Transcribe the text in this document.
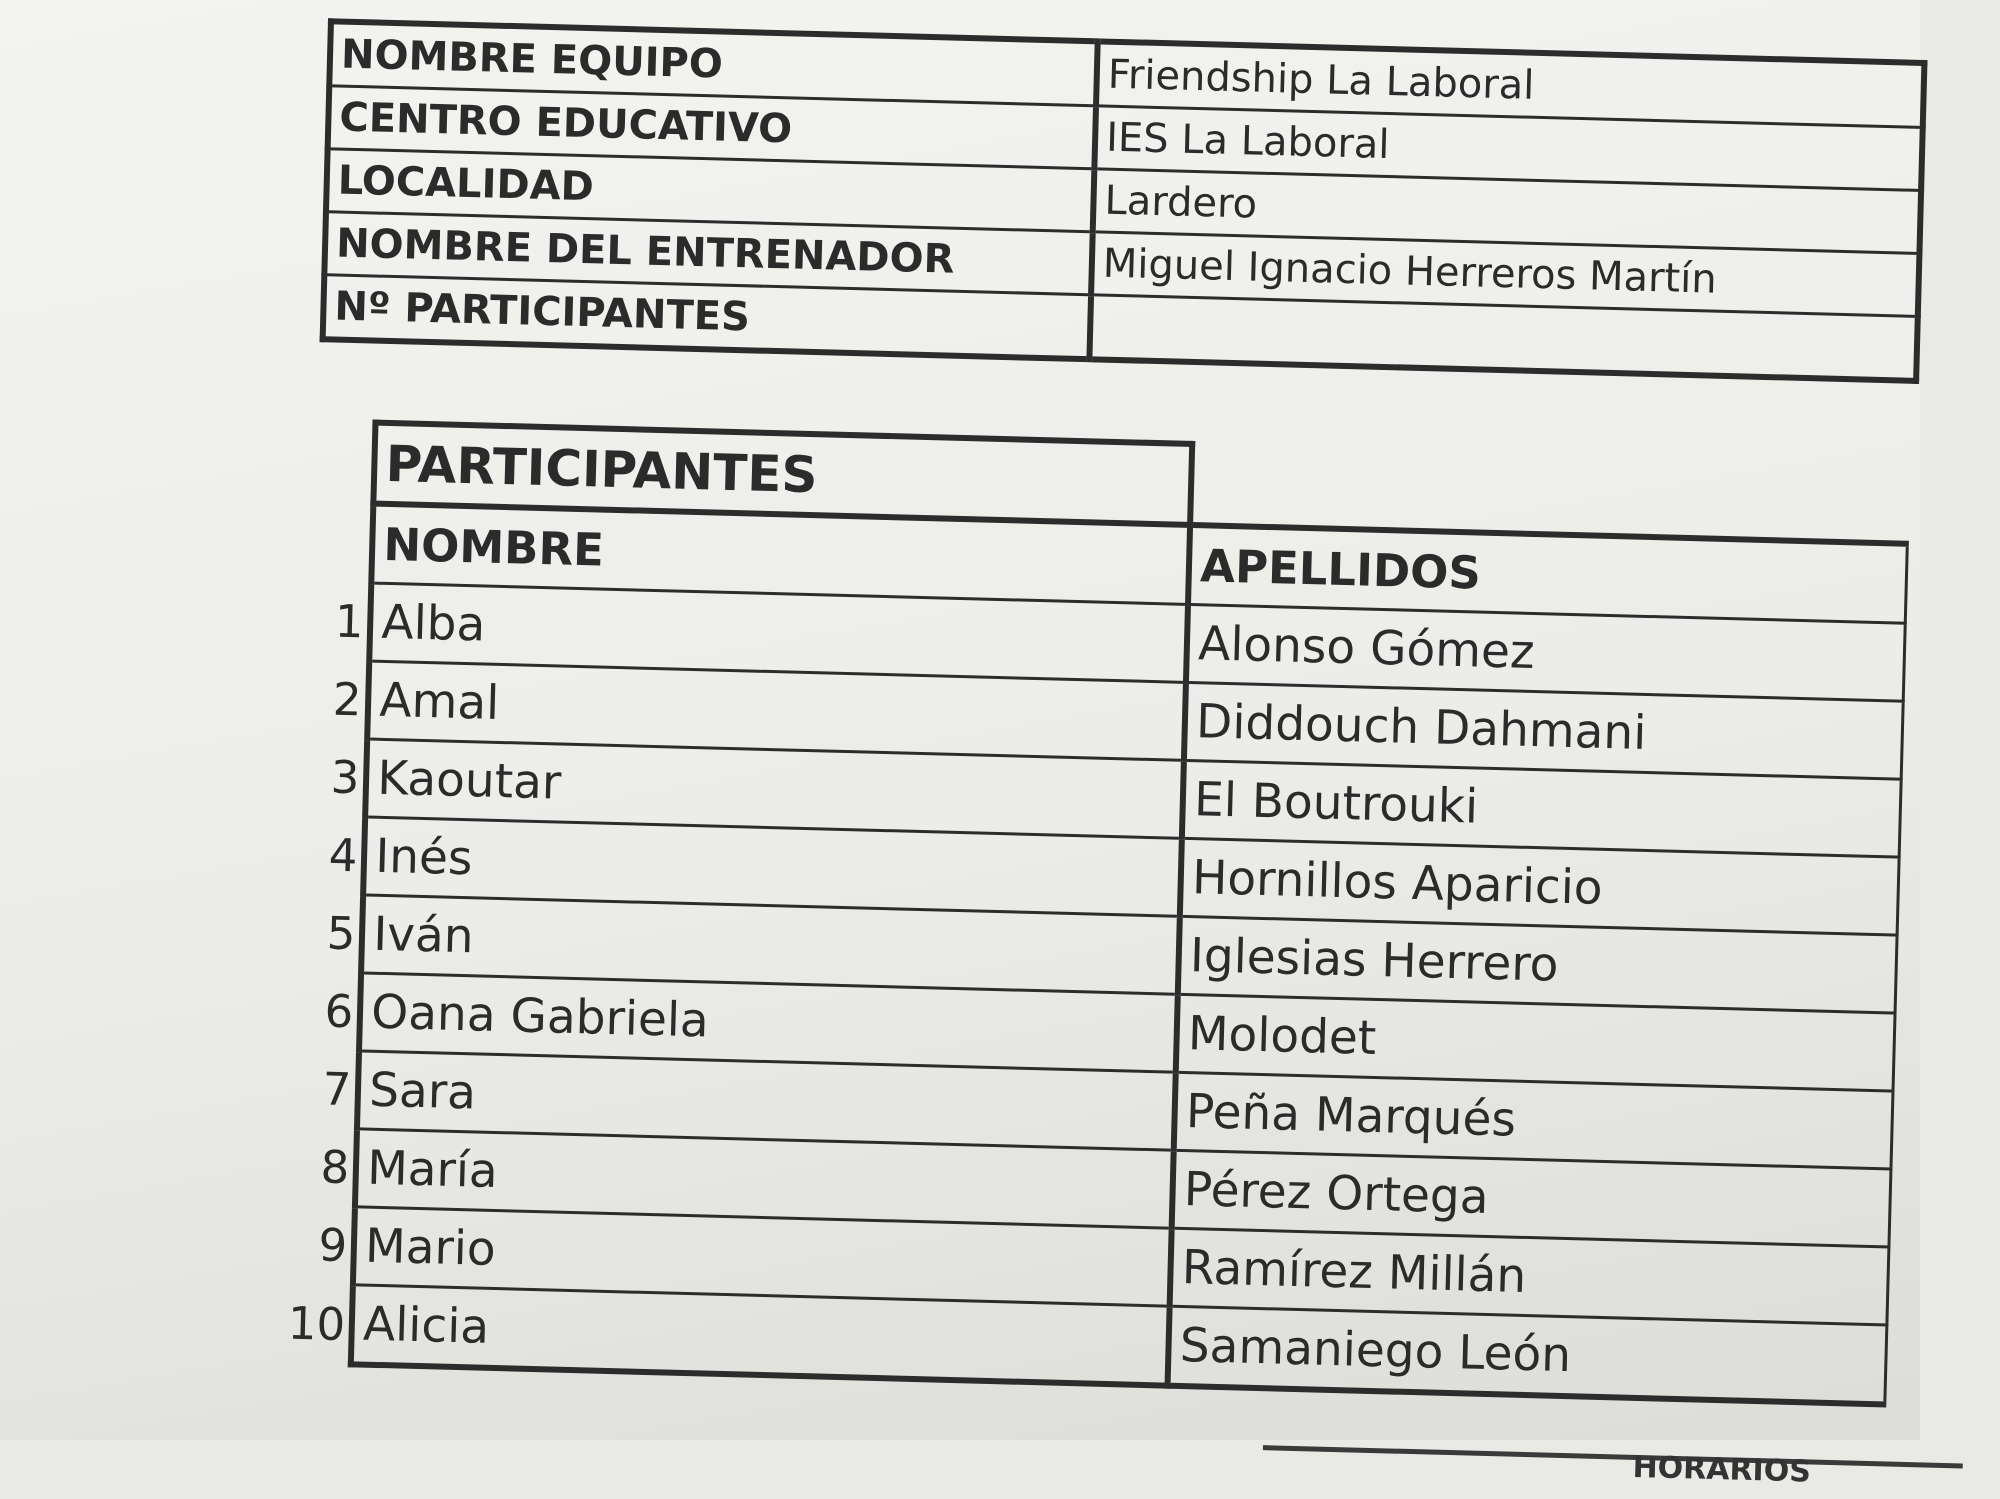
NOMBRE EQUIPO	Friendship La Laboral
CENTRO EDUCATIVO	IES La Laboral
LOCALIDAD	Lardero
NOMBRE DEL ENTRENADOR	Miguel Ignacio Herreros Martín
Nº PARTICIPANTES	
	PARTICIPANTES	
	NOMBRE	APELLIDOS
1	Alba	Alonso Gómez
2	Amal	Diddouch Dahmani
3	Kaoutar	El Boutrouki
4	Inés	Hornillos Aparicio
5	Iván	Iglesias Herrero
6	Oana Gabriela	Molodet
7	Sara	Peña Marqués
8	María	Pérez Ortega
9	Mario	Ramírez Millán
10	Alicia	Samaniego León
HORARIOS
